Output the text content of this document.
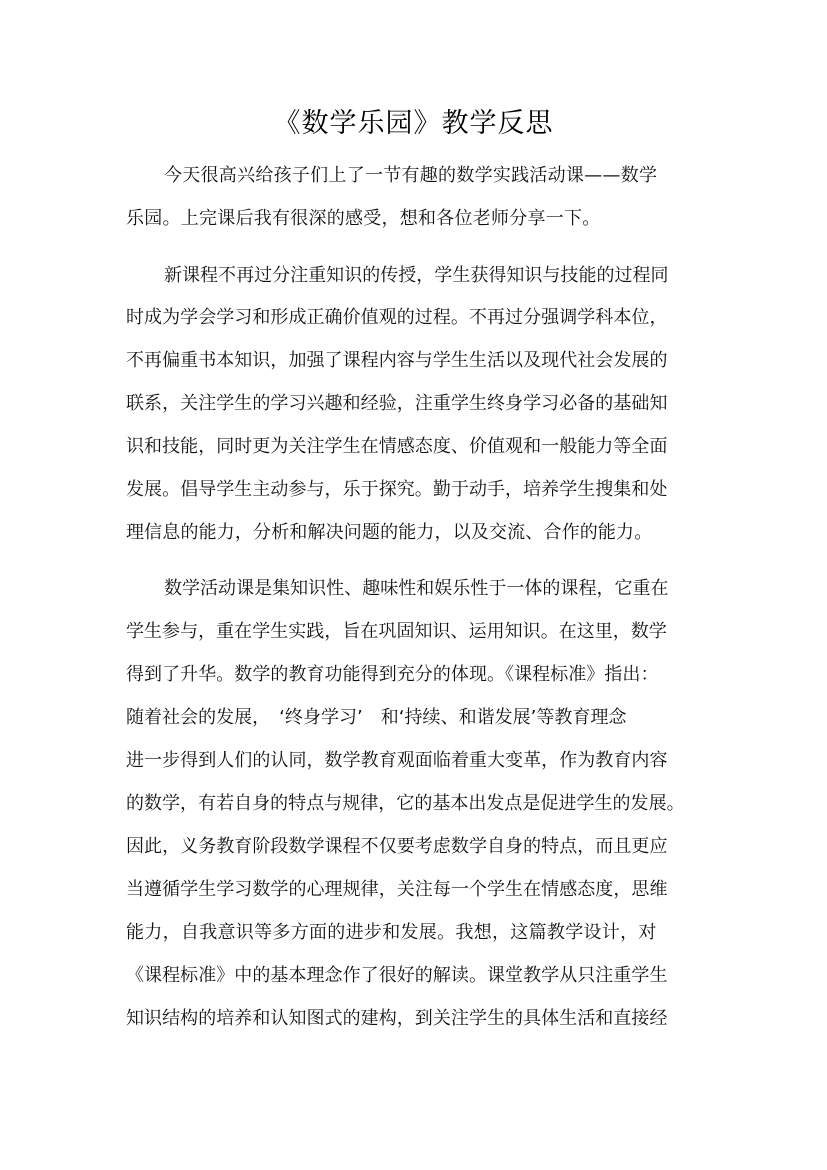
《数学乐园》教学反思
今天很高兴给孩子们上了一节有趣的数学实践活动课——数学
乐园。上完课后我有很深的感受，想和各位老师分享一下。
新课程不再过分注重知识的传授，学生获得知识与技能的过程同
时成为学会学习和形成正确价值观的过程。不再过分强调学科本位，
不再偏重书本知识，加强了课程内容与学生生活以及现代社会发展的
联系，关注学生的学习兴趣和经验，注重学生终身学习必备的基础知
识和技能，同时更为关注学生在情感态度、价值观和一般能力等全面
发展。倡导学生主动参与，乐于探究。勤于动手，培养学生搜集和处
理信息的能力，分析和解决问题的能力，以及交流、合作的能力。
数学活动课是集知识性、趣味性和娱乐性于一体的课程，它重在
学生参与，重在学生实践，旨在巩固知识、运用知识。在这里，数学
得到了升华。数学的教育功能得到充分的体现。《课程标准》指出：
随着社会的发展，　‘终身学习’　和‘持续、和谐发展’等教育理念
进一步得到人们的认同，数学教育观面临着重大变革，作为教育内容
的数学，有若自身的特点与规律，它的基本出发点是促进学生的发展。
因此，义务教育阶段数学课程不仅要考虑数学自身的特点，而且更应
当遵循学生学习数学的心理规律，关注每一个学生在情感态度，思维
能力，自我意识等多方面的进步和发展。我想，这篇教学设计，对
《课程标准》中的基本理念作了很好的解读。课堂教学从只注重学生
知识结构的培养和认知图式的建构，到关注学生的具体生活和直接经
